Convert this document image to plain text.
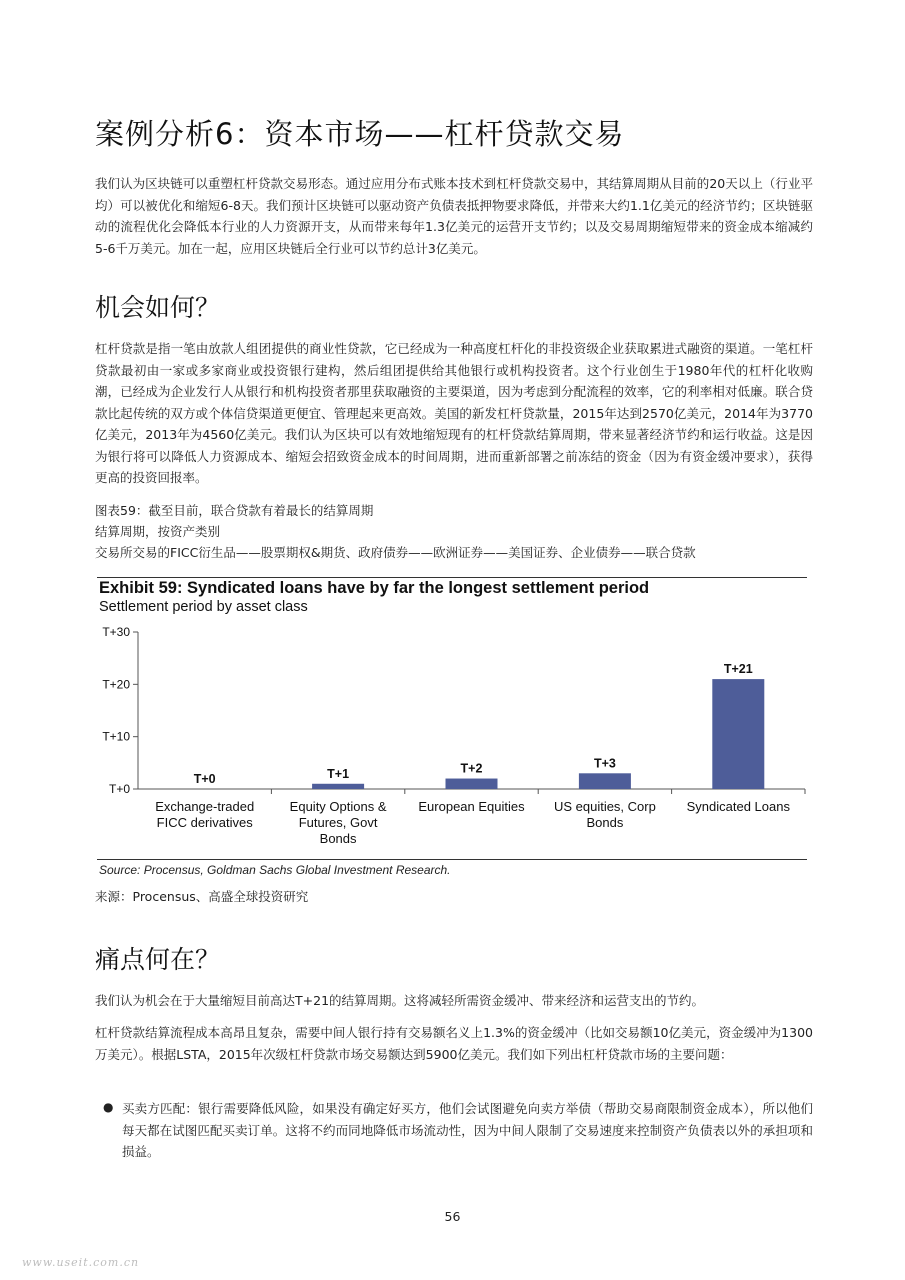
案例分析6：资本市场——杠杆贷款交易

我们认为区块链可以重塑杠杆贷款交易形态。通过应用分布式账本技术到杠杆贷款交易中，其结算周期从目前的20天以上（行业平均）可以被优化和缩短6-8天。我们预计区块链可以驱动资产负债表抵押物要求降低，并带来大约1.1亿美元的经济节约；区块链驱动的流程优化会降低本行业的人力资源开支，从而带来每年1.3亿美元的运营开支节约；以及交易周期缩短带来的资金成本缩减约5-6千万美元。加在一起，应用区块链后全行业可以节约总计3亿美元。

机会如何？

杠杆贷款是指一笔由放款人组团提供的商业性贷款，它已经成为一种高度杠杆化的非投资级企业获取累进式融资的渠道。一笔杠杆贷款最初由一家或多家商业或投资银行建构，然后组团提供给其他银行或机构投资者。这个行业创生于1980年代的杠杆化收购潮，已经成为企业发行人从银行和机构投资者那里获取融资的主要渠道，因为考虑到分配流程的效率，它的利率相对低廉。联合贷款比起传统的双方或个体信贷渠道更便宜、管理起来更高效。美国的新发杠杆贷款量，2015年达到2570亿美元，2014年为3770亿美元，2013年为4560亿美元。我们认为区块可以有效地缩短现有的杠杆贷款结算周期，带来显著经济节约和运行收益。这是因为银行将可以降低人力资源成本、缩短会招致资金成本的时间周期，进而重新部署之前冻结的资金（因为有资金缓冲要求），获得更高的投资回报率。

图表59：截至目前，联合贷款有着最长的结算周期
结算周期，按资产类别
交易所交易的FICC衍生品——股票期权&期货、政府债券——欧洲证券——美国证券、企业债券——联合贷款
Exhibit 59: Syndicated loans have by far the longest settlement period
Settlement period by asset class
T+0
T+10
T+20
T+30
T+0
Exchange-traded
FICC derivatives
T+1
Equity Options &
Futures, Govt
Bonds
T+2
European Equities
T+3
US equities, Corp
Bonds
T+21
Syndicated Loans
Source: Procensus, Goldman Sachs Global Investment Research.
来源：Procensus、高盛全球投资研究
痛点何在？

我们认为机会在于大量缩短目前高达T+21的结算周期。这将减轻所需资金缓冲、带来经济和运营支出的节约。

杠杆贷款结算流程成本高昂且复杂，需要中间人银行持有交易额名义上1.3%的资金缓冲（比如交易额10亿美元，资金缓冲为1300万美元）。根据LSTA，2015年次级杠杆贷款市场交易额达到5900亿美元。我们如下列出杠杆贷款市场的主要问题：

● 买卖方匹配：银行需要降低风险，如果没有确定好买方，他们会试图避免向卖方举债（帮助交易商限制资金成本），所以他们每天都在试图匹配买卖订单。这将不约而同地降低市场流动性，因为中间人限制了交易速度来控制资产负债表以外的承担项和损益。

56
www.useit.com.cn
